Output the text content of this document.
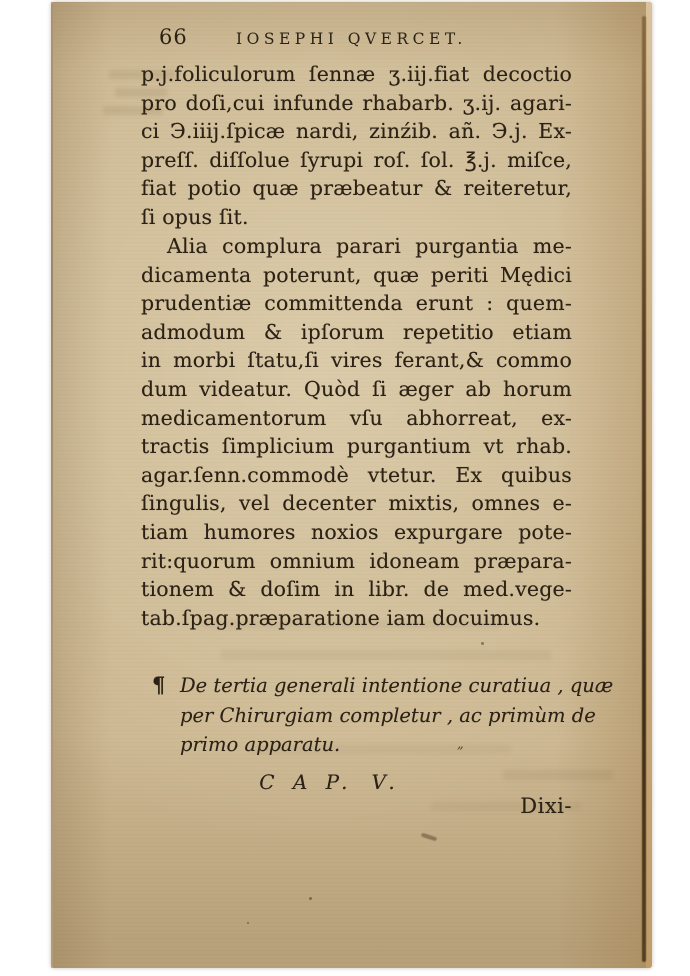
66	IOSEPHI QVERCET.
p.j.foliculorum ſennæ ʒ.iij.fiat decoctio
pro doſi,cui infunde rhabarb. ʒ.ij. agari-
ci Э.iiij.ſpicæ nardi, zinźib. añ. Э.j. Ex-
preſſ. diſſolue ſyrupi roſ. ſol. ℥.j. miſce,
fiat potio quæ præbeatur & reiteretur,
ſi opus ſit.
Alia complura parari purgantia me-
dicamenta poterunt, quæ periti Mędici
prudentiæ committenda erunt : quem-
admodum & ipſorum repetitio etiam
in morbi ſtatu,ſi vires ferant,& commo
dum videatur. Quòd ſi æger ab horum
medicamentorum vſu abhorreat, ex-
tractis ſimplicium purgantium vt rhab.
agar.ſenn.commodè vtetur. Ex quibus
ſingulis, vel decenter mixtis, omnes e-
tiam humores noxios expurgare pote-
rit:quorum omnium idoneam præpara-
tionem & doſim in libr. de med.vege-
tab.ſpag.præparatione iam docuimus.
¶ De tertia generali intentione curatiua , quæ
per Chirurgiam completur , ac primùm de
primo apparatu.
C A P. V.
Dixi-
